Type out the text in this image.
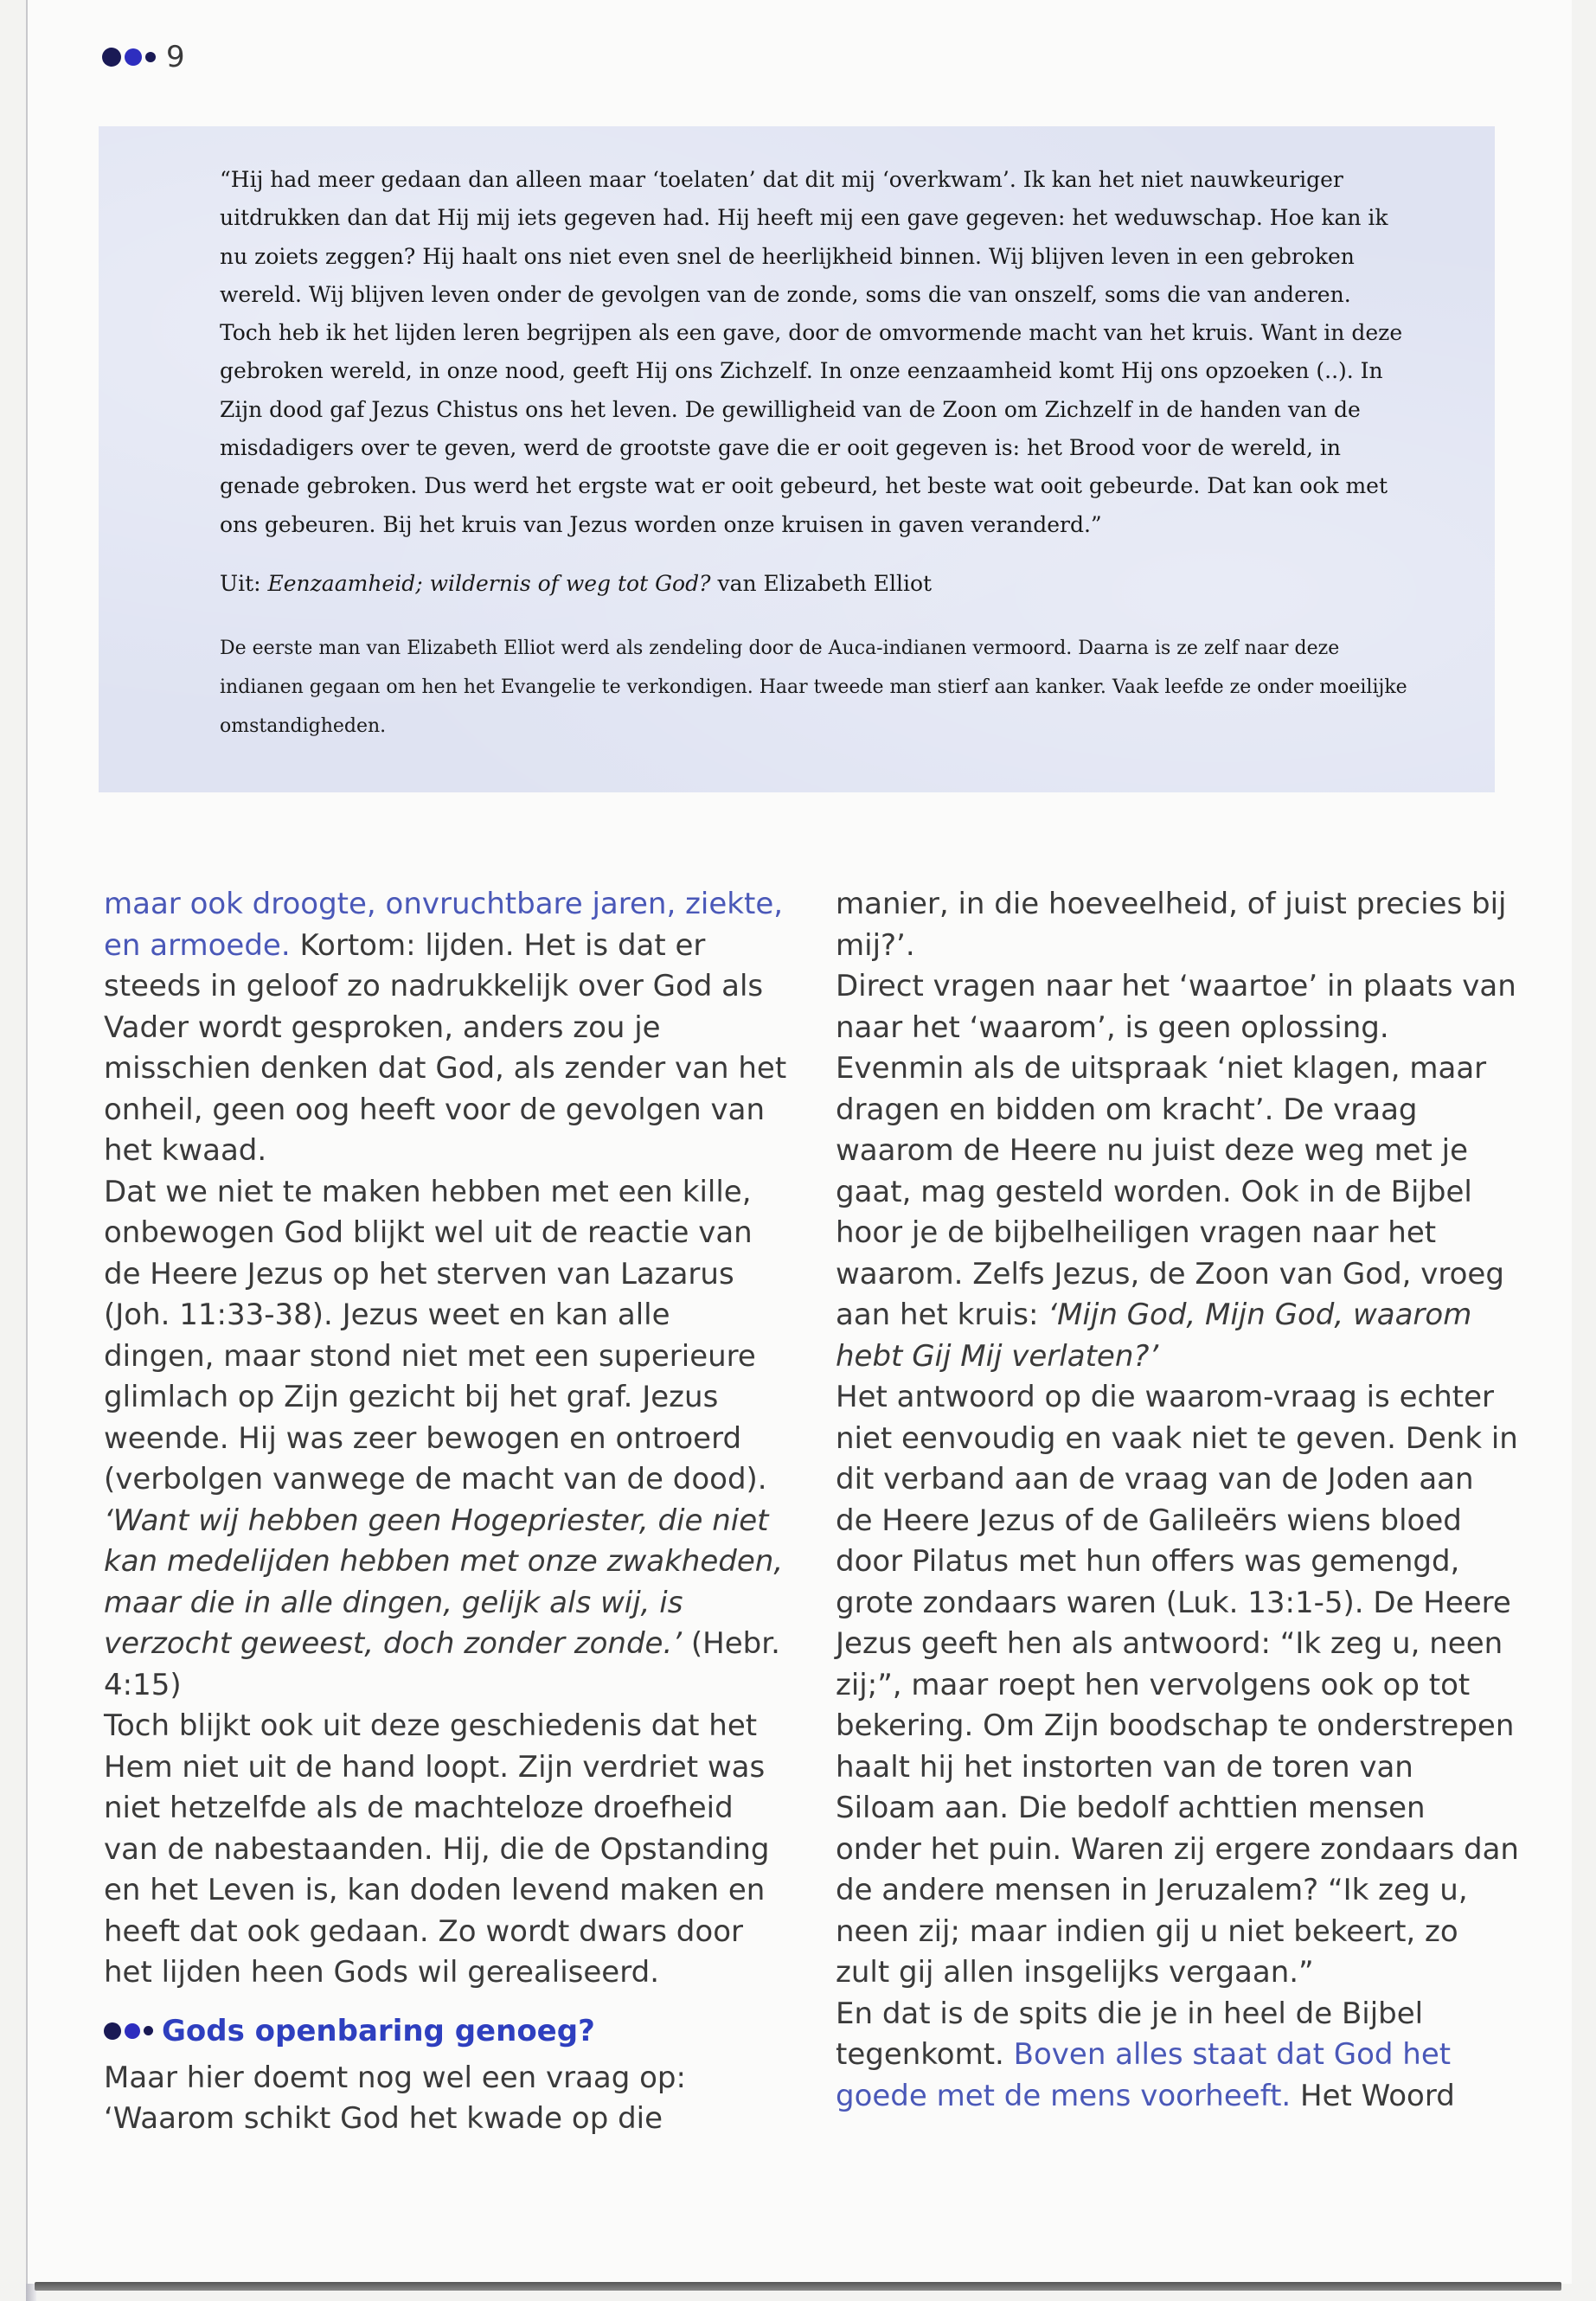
9

“Hij had meer gedaan dan alleen maar ‘toelaten’ dat dit mij ‘overkwam’. Ik kan het niet nauwkeuriger uitdrukken dan dat Hij mij iets gegeven had. Hij heeft mij een gave gegeven: het weduwschap. Hoe kan ik nu zoiets zeggen? Hij haalt ons niet even snel de heerlijkheid binnen. Wij blijven leven in een gebroken wereld. Wij blijven leven onder de gevolgen van de zonde, soms die van onszelf, soms die van anderen. Toch heb ik het lijden leren begrijpen als een gave, door de omvormende macht van het kruis. Want in deze gebroken wereld, in onze nood, geeft Hij ons Zichzelf. In onze eenzaamheid komt Hij ons opzoeken (..). In Zijn dood gaf Jezus Chistus ons het leven. De gewilligheid van de Zoon om Zichzelf in de handen van de misdadigers over te geven, werd de grootste gave die er ooit gegeven is: het Brood voor de wereld, in genade gebroken. Dus werd het ergste wat er ooit gebeurd, het beste wat ooit gebeurde. Dat kan ook met ons gebeuren. Bij het kruis van Jezus worden onze kruisen in gaven veranderd.”

Uit: Eenzaamheid; wildernis of weg tot God? van Elizabeth Elliot

De eerste man van Elizabeth Elliot werd als zendeling door de Auca-indianen vermoord. Daarna is ze zelf naar deze indianen gegaan om hen het Evangelie te verkondigen. Haar tweede man stierf aan kanker. Vaak leefde ze onder moeilijke omstandigheden.

maar ook droogte, onvruchtbare jaren, ziekte, en armoede. Kortom: lijden. Het is dat er steeds in geloof zo nadrukkelijk over God als Vader wordt gesproken, anders zou je misschien denken dat God, als zender van het onheil, geen oog heeft voor de gevolgen van het kwaad.

Dat we niet te maken hebben met een kille, onbewogen God blijkt wel uit de reactie van de Heere Jezus op het sterven van Lazarus (Joh. 11:33-38). Jezus weet en kan alle dingen, maar stond niet met een superieure glimlach op Zijn gezicht bij het graf. Jezus weende. Hij was zeer bewogen en ontroerd (verbolgen vanwege de macht van de dood). ‘Want wij hebben geen Hogepriester, die niet kan medelijden hebben met onze zwakheden, maar die in alle dingen, gelijk als wij, is verzocht geweest, doch zonder zonde.’ (Hebr. 4:15)

Toch blijkt ook uit deze geschiedenis dat het Hem niet uit de hand loopt. Zijn verdriet was niet hetzelfde als de machteloze droefheid van de nabestaanden. Hij, die de Opstanding en het Leven is, kan doden levend maken en heeft dat ook gedaan. Zo wordt dwars door het lijden heen Gods wil gerealiseerd.

Gods openbaring genoeg?

Maar hier doemt nog wel een vraag op: ‘Waarom schikt God het kwade op die

manier, in die hoeveelheid, of juist precies bij mij?’.

Direct vragen naar het ‘waartoe’ in plaats van naar het ‘waarom’, is geen oplossing. Evenmin als de uitspraak ‘niet klagen, maar dragen en bidden om kracht’. De vraag waarom de Heere nu juist deze weg met je gaat, mag gesteld worden. Ook in de Bijbel hoor je de bijbelheiligen vragen naar het waarom. Zelfs Jezus, de Zoon van God, vroeg aan het kruis: ‘Mijn God, Mijn God, waarom hebt Gij Mij verlaten?’

Het antwoord op die waarom-vraag is echter niet eenvoudig en vaak niet te geven. Denk in dit verband aan de vraag van de Joden aan de Heere Jezus of de Galileërs wiens bloed door Pilatus met hun offers was gemengd, grote zondaars waren (Luk. 13:1-5). De Heere Jezus geeft hen als antwoord: “Ik zeg u, neen zij;”, maar roept hen vervolgens ook op tot bekering. Om Zijn boodschap te onderstrepen haalt hij het instorten van de toren van Siloam aan. Die bedolf achttien mensen onder het puin. Waren zij ergere zondaars dan de andere mensen in Jeruzalem? “Ik zeg u, neen zij; maar indien gij u niet bekeert, zo zult gij allen insgelijks vergaan.”

En dat is de spits die je in heel de Bijbel tegenkomt. Boven alles staat dat God het goede met de mens voorheeft. Het Woord
